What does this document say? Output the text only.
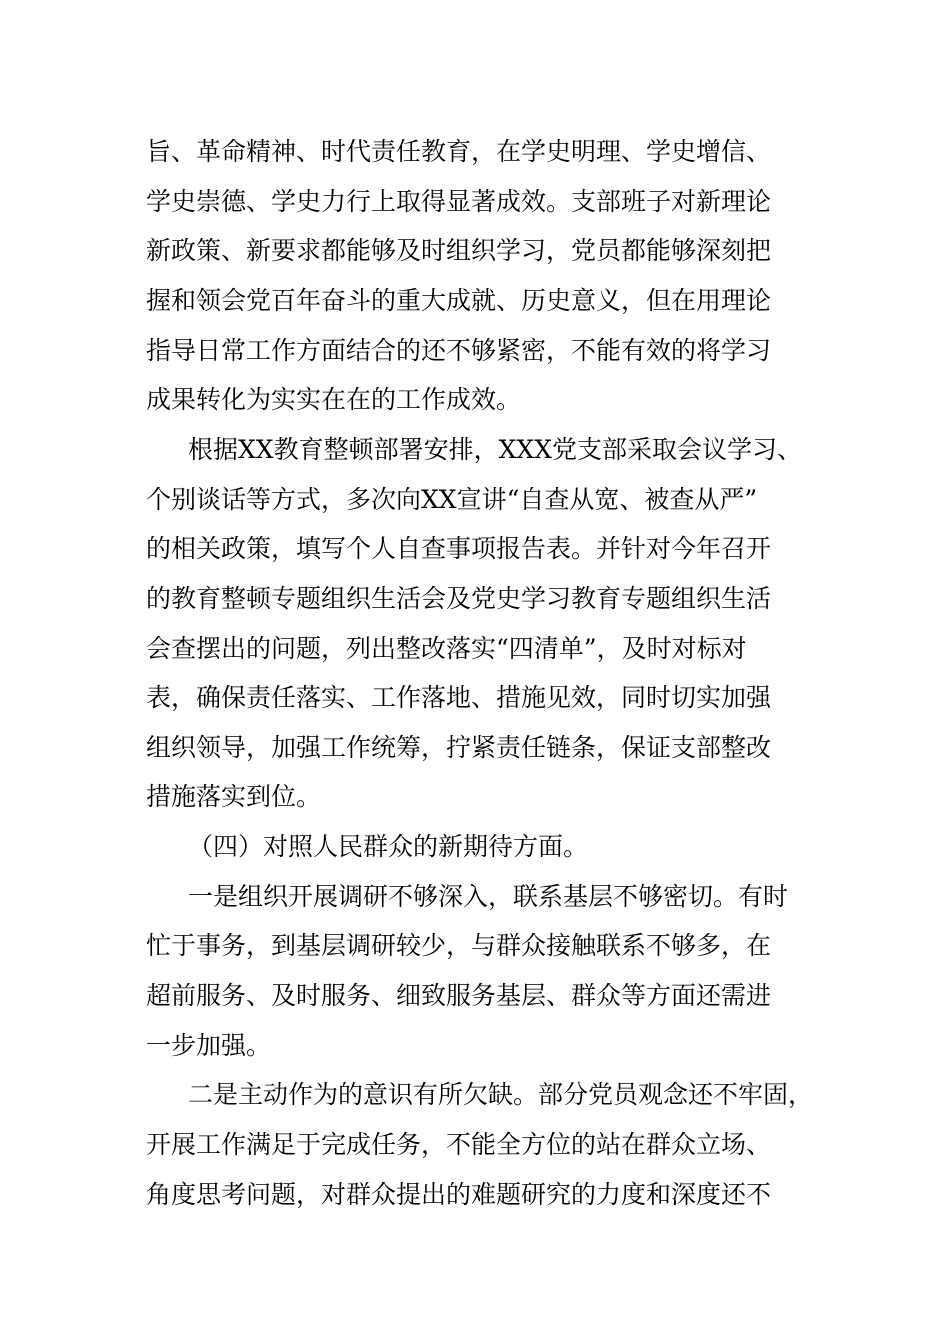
旨、革命精神、时代责任教育，在学史明理、学史增信、
学史崇德、学史力行上取得显著成效。支部班子对新理论
新政策、新要求都能够及时组织学习，党员都能够深刻把
握和领会党百年奋斗的重大成就、历史意义，但在用理论
指导日常工作方面结合的还不够紧密，不能有效的将学习
成果转化为实实在在的工作成效。
根据XX教育整顿部署安排，XXX党支部采取会议学习、
个别谈话等方式，多次向XX宣讲“自查从宽、被查从严”
的相关政策，填写个人自查事项报告表。并针对今年召开
的教育整顿专题组织生活会及党史学习教育专题组织生活
会查摆出的问题，列出整改落实“四清单”，及时对标对
表，确保责任落实、工作落地、措施见效，同时切实加强
组织领导，加强工作统筹，拧紧责任链条，保证支部整改
措施落实到位。
（四）对照人民群众的新期待方面。
一是组织开展调研不够深入，联系基层不够密切。有时
忙于事务，到基层调研较少，与群众接触联系不够多，在
超前服务、及时服务、细致服务基层、群众等方面还需进
一步加强。
二是主动作为的意识有所欠缺。部分党员观念还不牢固，
开展工作满足于完成任务，不能全方位的站在群众立场、
角度思考问题，对群众提出的难题研究的力度和深度还不
